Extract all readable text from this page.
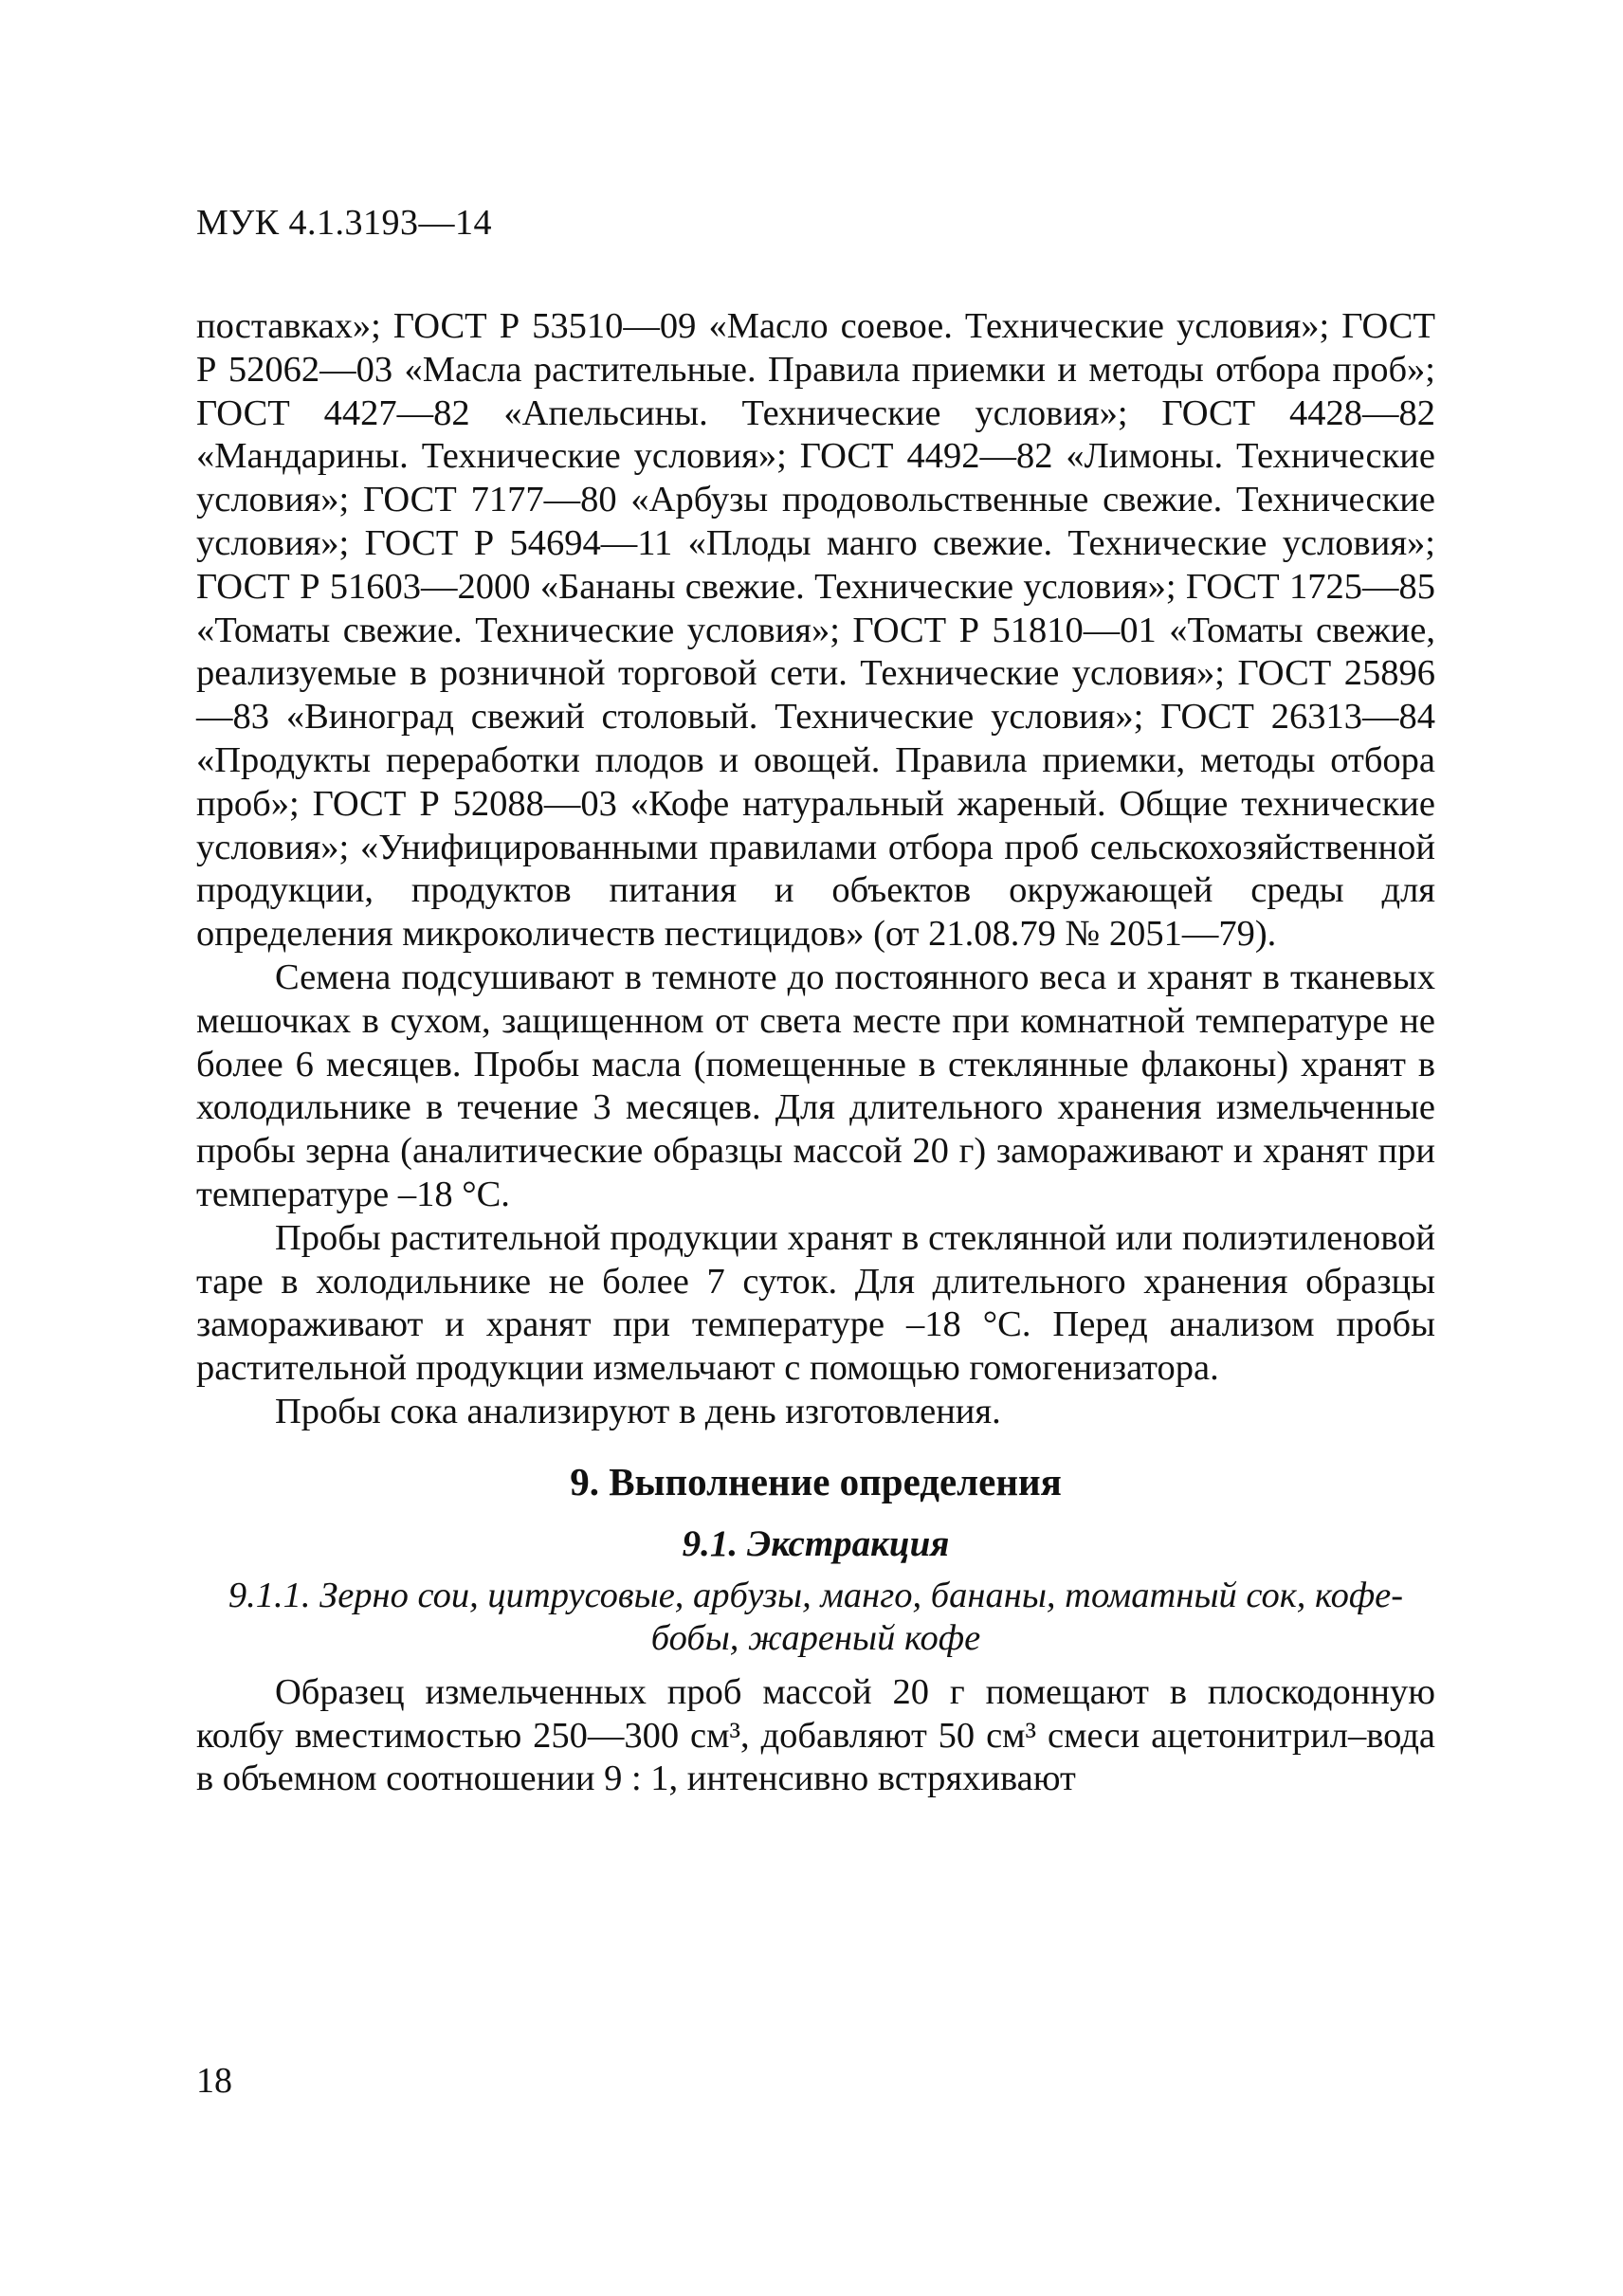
МУК 4.1.3193—14

поставках»; ГОСТ Р 53510—09 «Масло соевое. Технические условия»; ГОСТ Р 52062—03 «Масла растительные. Правила приемки и методы отбора проб»; ГОСТ 4427—82 «Апельсины. Технические условия»; ГОСТ 4428—82 «Мандарины. Технические условия»; ГОСТ 4492—82 «Лимоны. Технические условия»; ГОСТ 7177—80 «Арбузы продовольственные свежие. Технические условия»; ГОСТ Р 54694—11 «Плоды манго свежие. Технические условия»; ГОСТ Р 51603—2000 «Бананы свежие. Технические условия»; ГОСТ 1725—85 «Томаты свежие. Технические условия»; ГОСТ Р 51810—01 «Томаты свежие, реализуемые в розничной торговой сети. Технические условия»; ГОСТ 25896—83 «Виноград свежий столовый. Технические условия»; ГОСТ 26313—84 «Продукты переработки плодов и овощей. Правила приемки, методы отбора проб»; ГОСТ Р 52088—03 «Кофе натуральный жареный. Общие технические условия»; «Унифицированными правилами отбора проб сельскохозяйственной продукции, продуктов питания и объектов окружающей среды для определения микроколичеств пестицидов» (от 21.08.79 № 2051—79).

Семена подсушивают в темноте до постоянного веса и хранят в тканевых мешочках в сухом, защищенном от света месте при комнатной температуре не более 6 месяцев. Пробы масла (помещенные в стеклянные флаконы) хранят в холодильнике в течение 3 месяцев. Для длительного хранения измельченные пробы зерна (аналитические образцы массой 20 г) замораживают и хранят при температуре –18 °С.

Пробы растительной продукции хранят в стеклянной или полиэтиленовой таре в холодильнике не более 7 суток. Для длительного хранения образцы замораживают и хранят при температуре –18 °С. Перед анализом пробы растительной продукции измельчают с помощью гомогенизатора.

Пробы сока анализируют в день изготовления.

9. Выполнение определения
9.1. Экстракция
9.1.1. Зерно сои, цитрусовые, арбузы, манго, бананы, томатный сок, кофе-бобы, жареный кофе

Образец измельченных проб массой 20 г помещают в плоскодонную колбу вместимостью 250—300 см³, добавляют 50 см³ смеси ацетонитрил–вода в объемном соотношении 9 : 1, интенсивно встряхивают

18
